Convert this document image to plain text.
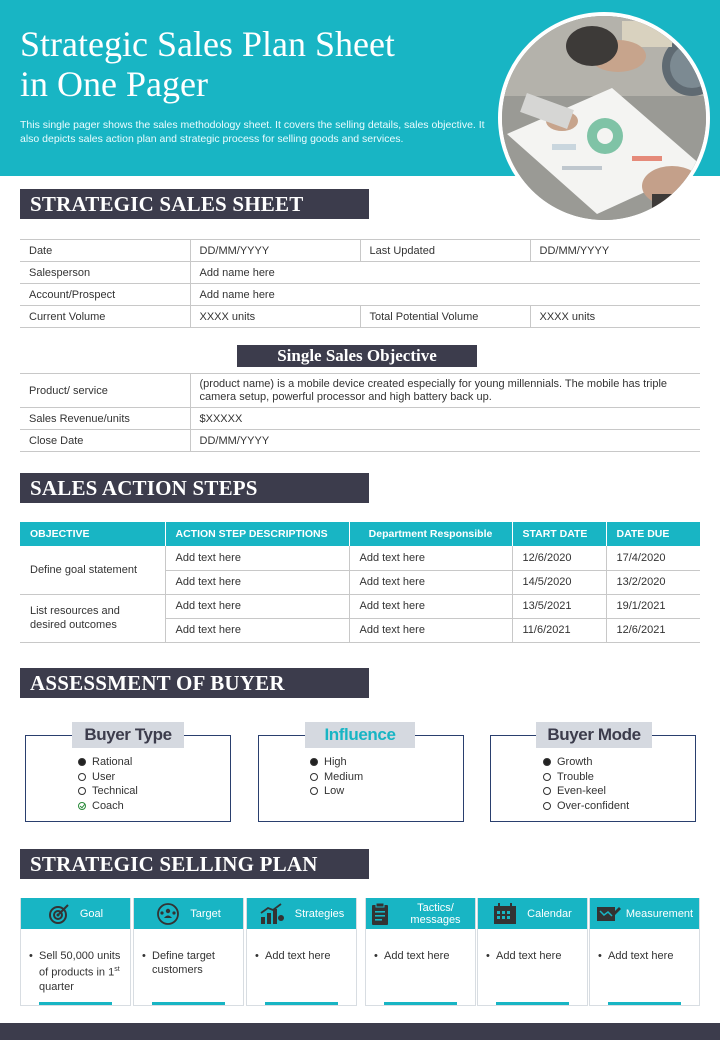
Strategic Sales Plan Sheet
in One Pager

This single pager shows the sales methodology sheet. It covers the selling details, sales objective. It also depicts sales action plan and strategic process for selling goods and services.

STRATEGIC SALES SHEET
Date	DD/MM/YYYY	Last Updated	DD/MM/YYYY
Salesperson	Add name here		
Account/Prospect	Add name here		
Current Volume	XXXX units	Total Potential Volume	XXXX units
Single Sales Objective
Product/ service	(product name) is a mobile device created especially for young millennials. The mobile has triple camera setup, powerful processor and high battery back up.
Sales Revenue/units	$XXXXX
Close Date	DD/MM/YYYY
SALES ACTION STEPS
OBJECTIVE	ACTION STEP DESCRIPTIONS	Department Responsible	START DATE	DATE DUE
Define goal statement	Add text here	Add text here	12/6/2020	17/4/2020
	Add text here	Add text here	14/5/2020	13/2/2020
List resources and desired outcomes	Add text here	Add text here	13/5/2021	19/1/2021
	Add text here	Add text here	11/6/2021	12/6/2021
ASSESSMENT OF BUYER
Buyer Type
Rational
User
Technical
Coach
Influence
High
Medium
Low
Buyer Mode
Growth
Trouble
Even-keel
Over-confident
STRATEGIC SELLING PLAN
Goal
• Sell 50,000 units of products in 1st quarter
Target
• Define target customers
Strategies
• Add text here
Tactics/ messages
• Add text here
Calendar
• Add text here
Measurement
• Add text here
